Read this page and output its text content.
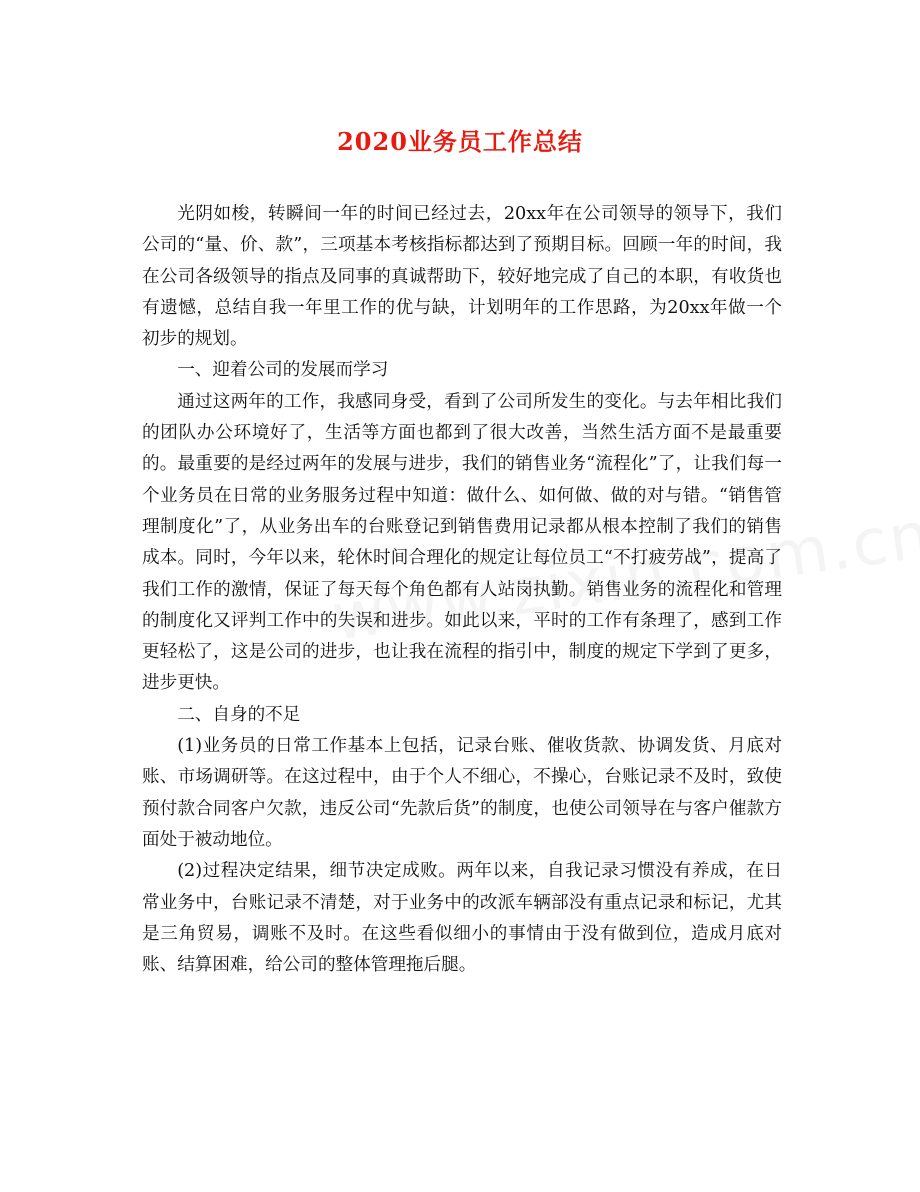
2020业务员工作总结

光阴如梭，转瞬间一年的时间已经过去，20xx年在公司领导的领导下，我们公司的“量、价、款”，三项基本考核指标都达到了预期目标。回顾一年的时间，我在公司各级领导的指点及同事的真诚帮助下，较好地完成了自己的本职，有收货也有遗憾，总结自我一年里工作的优与缺，计划明年的工作思路，为20xx年做一个初步的规划。

一、迎着公司的发展而学习

通过这两年的工作，我感同身受，看到了公司所发生的变化。与去年相比我们的团队办公环境好了，生活等方面也都到了很大改善，当然生活方面不是最重要的。最重要的是经过两年的发展与进步，我们的销售业务“流程化”了，让我们每一个业务员在日常的业务服务过程中知道：做什么、如何做、做的对与错。“销售管理制度化”了，从业务出车的台账登记到销售费用记录都从根本控制了我们的销售成本。同时，今年以来，轮休时间合理化的规定让每位员工“不打疲劳战”，提高了我们工作的激情，保证了每天每个角色都有人站岗执勤。销售业务的流程化和管理的制度化又评判工作中的失误和进步。如此以来，平时的工作有条理了，感到工作更轻松了，这是公司的进步，也让我在流程的指引中，制度的规定下学到了更多，进步更快。

二、自身的不足

(1)业务员的日常工作基本上包括，记录台账、催收货款、协调发货、月底对账、市场调研等。在这过程中，由于个人不细心，不操心，台账记录不及时，致使预付款合同客户欠款，违反公司“先款后货”的制度，也使公司领导在与客户催款方面处于被动地位。

(2)过程决定结果，细节决定成败。两年以来，自我记录习惯没有养成，在日常业务中，台账记录不清楚，对于业务中的改派车辆部没有重点记录和标记，尤其是三角贸易，调账不及时。在这些看似细小的事情由于没有做到位，造成月底对账、结算困难，给公司的整体管理拖后腿。
